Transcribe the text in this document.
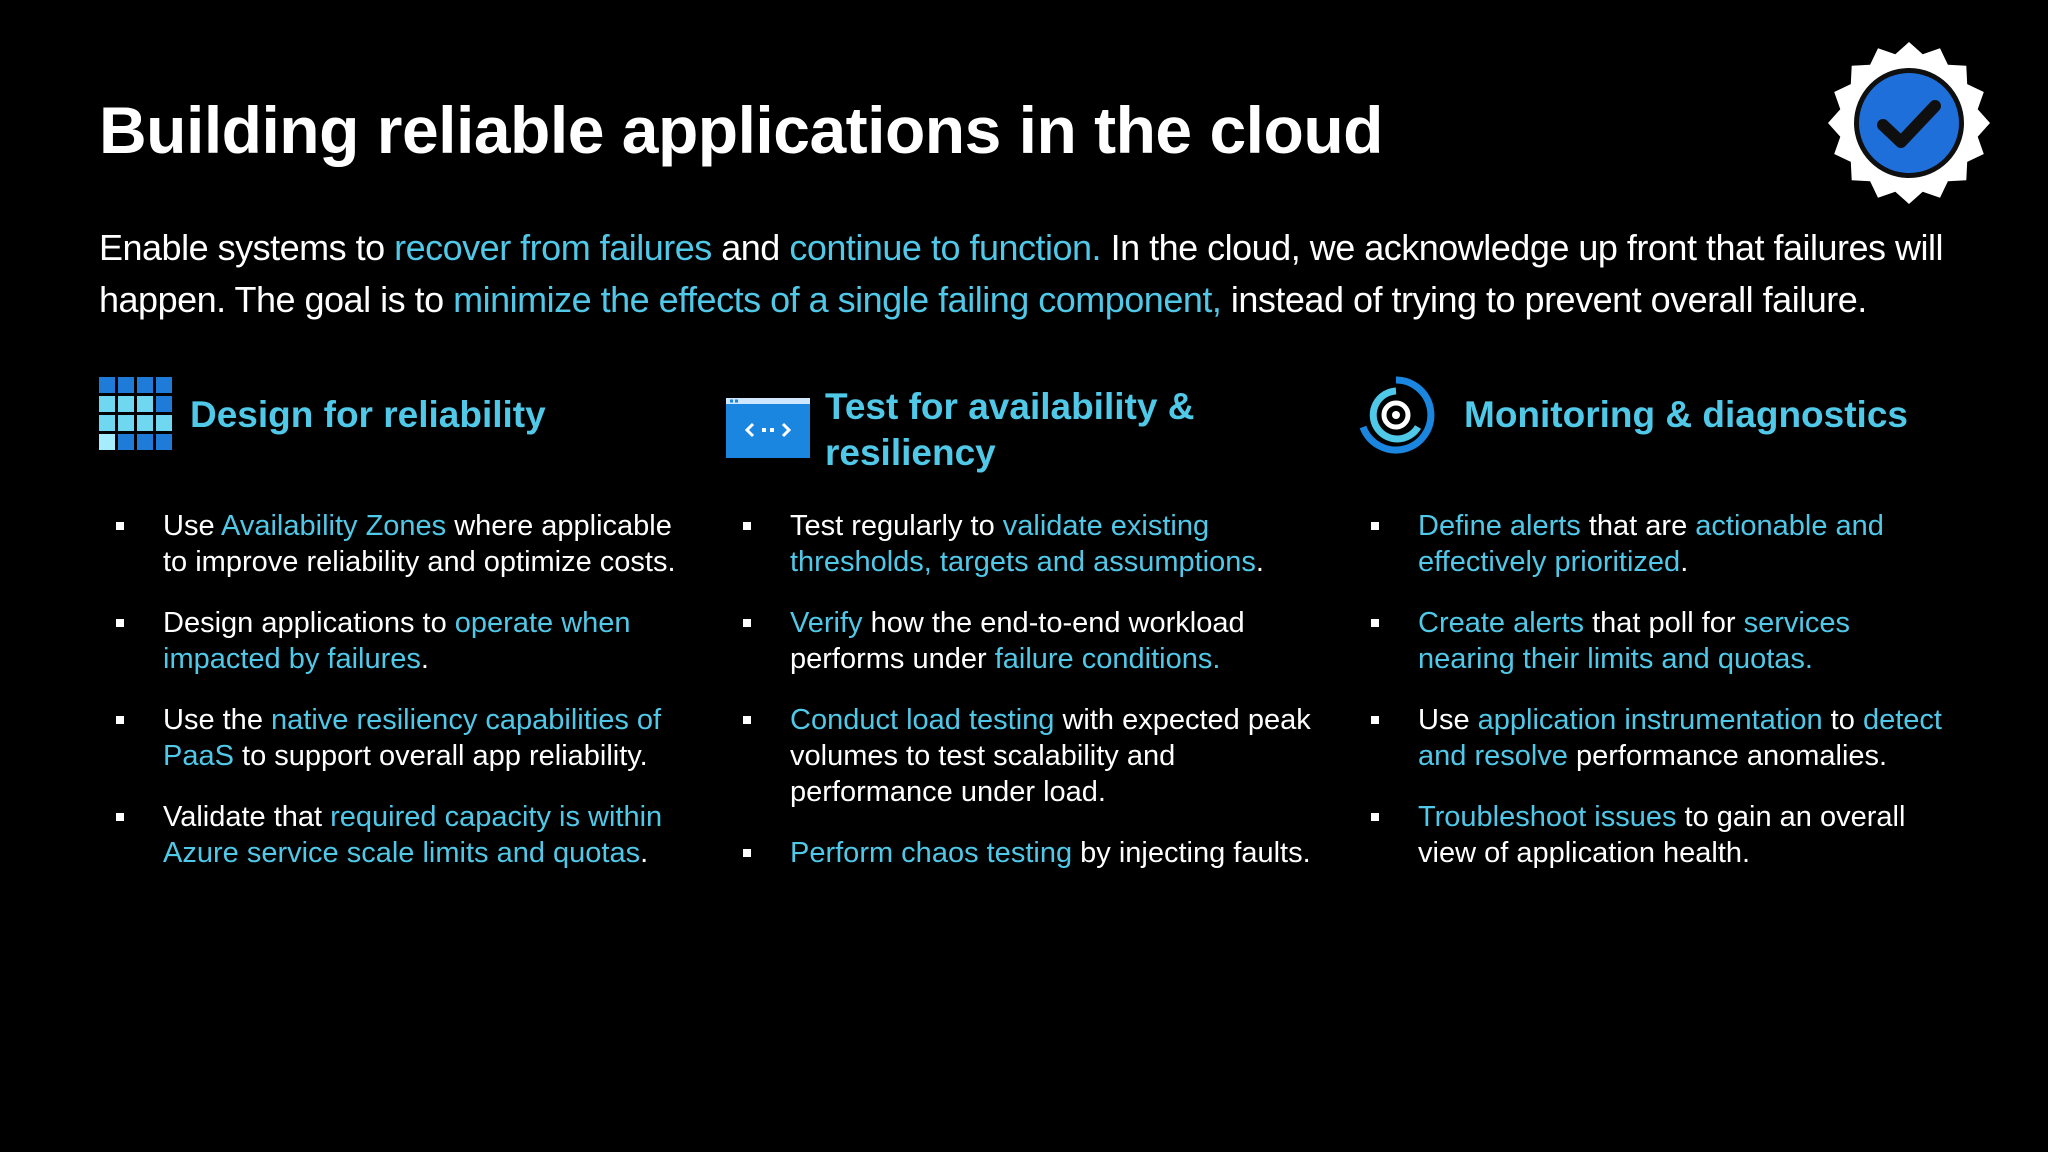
Building reliable applications in the cloud

Enable systems to recover from failures and continue to function. In the cloud, we acknowledge up front that failures will happen. The goal is to minimize the effects of a single failing component, instead of trying to prevent overall failure.

Design for reliability
Use Availability Zones where applicable to improve reliability and optimize costs.
Design applications to operate when impacted by failures.
Use the native resiliency capabilities of PaaS to support overall app reliability.
Validate that required capacity is within Azure service scale limits and quotas.
Test for availability & resiliency
Test regularly to validate existing thresholds, targets and assumptions.
Verify how the end-to-end workload performs under failure conditions.
Conduct load testing with expected peak volumes to test scalability and performance under load.
Perform chaos testing by injecting faults.
Monitoring & diagnostics
Define alerts that are actionable and effectively prioritized.
Create alerts that poll for services nearing their limits and quotas.
Use application instrumentation to detect and resolve performance anomalies.
Troubleshoot issues to gain an overall view of application health.
